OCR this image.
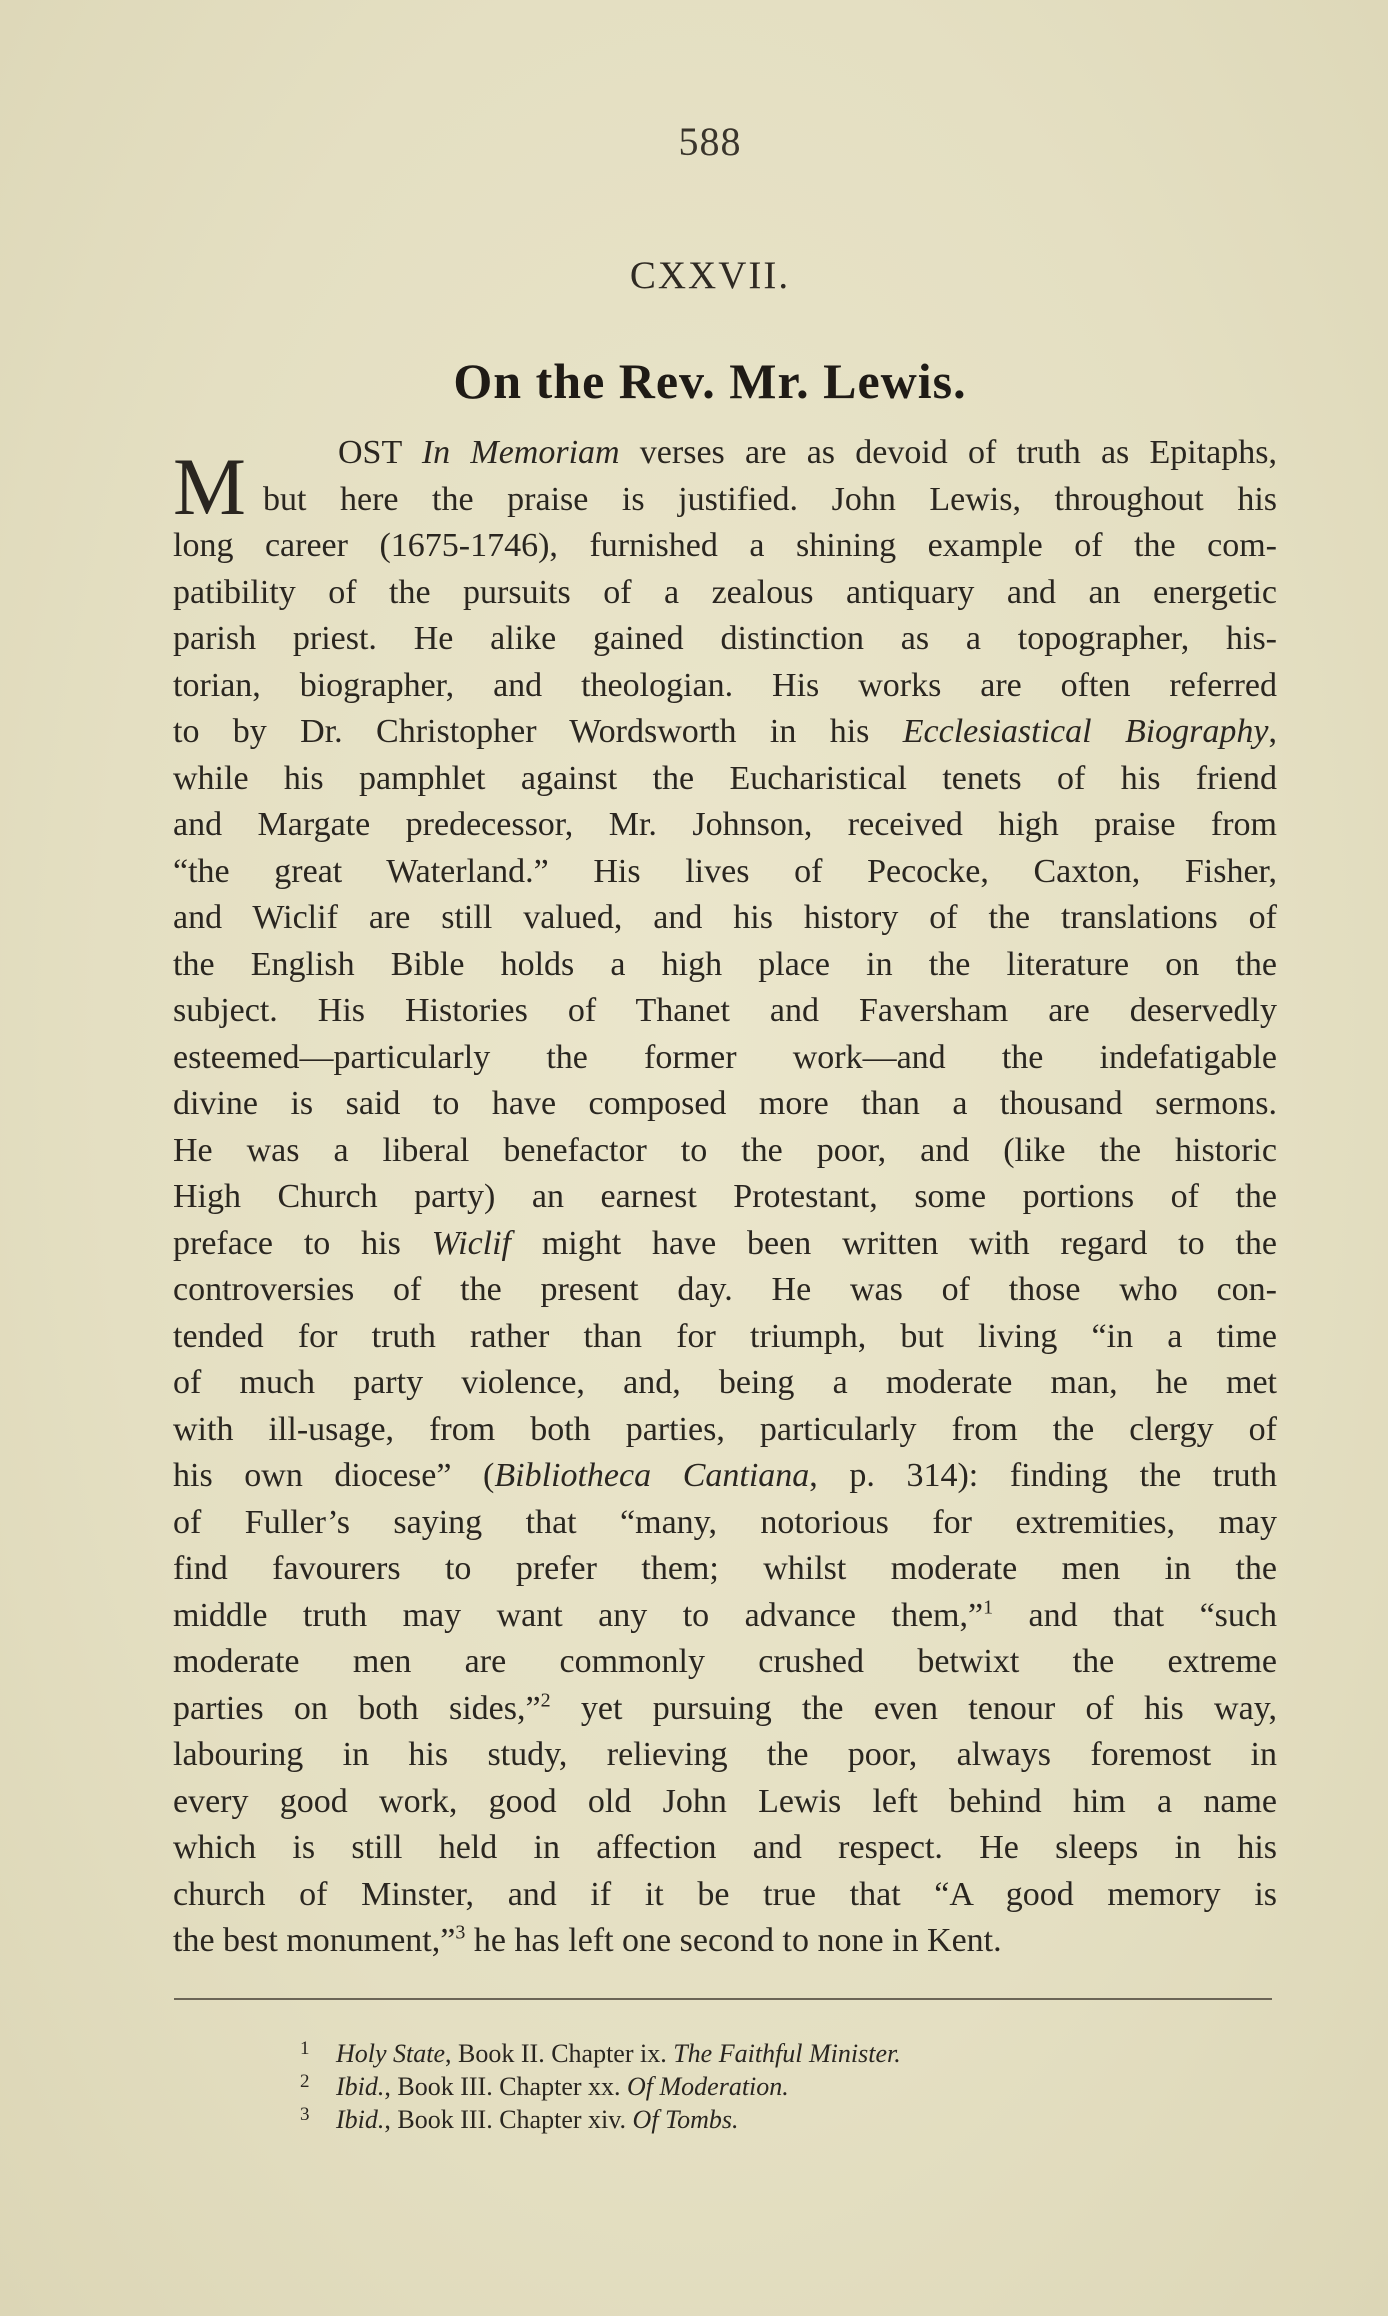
588
CXXVII.
On the Rev. Mr. Lewis.
M	OST In Memoriam verses are as devoid of truth as Epitaphs,
but here the praise is justified. John Lewis, throughout his
long career (1675-1746), furnished a shining example of the com-
patibility of the pursuits of a zealous antiquary and an energetic
parish priest. He alike gained distinction as a topographer, his-
torian, biographer, and theologian. His works are often referred
to by Dr. Christopher Wordsworth in his Ecclesiastical Biography,
while his pamphlet against the Eucharistical tenets of his friend
and Margate predecessor, Mr. Johnson, received high praise from
“the great Waterland.” His lives of Pecocke, Caxton, Fisher,
and Wiclif are still valued, and his history of the translations of
the English Bible holds a high place in the literature on the
subject. His Histories of Thanet and Faversham are deservedly
esteemed—particularly the former work—and the indefatigable
divine is said to have composed more than a thousand sermons.
He was a liberal benefactor to the poor, and (like the historic
High Church party) an earnest Protestant, some portions of the
preface to his Wiclif might have been written with regard to the
controversies of the present day. He was of those who con-
tended for truth rather than for triumph, but living “in a time
of much party violence, and, being a moderate man, he met
with ill-usage, from both parties, particularly from the clergy of
his own diocese” (Bibliotheca Cantiana, p. 314): finding the truth
of Fuller’s saying that “many, notorious for extremities, may
find favourers to prefer them; whilst moderate men in the
middle truth may want any to advance them,”$^1$ and that “such
moderate men are commonly crushed betwixt the extreme
parties on both sides,”$^2$ yet pursuing the even tenour of his way,
labouring in his study, relieving the poor, always foremost in
every good work, good old John Lewis left behind him a name
which is still held in affection and respect. He sleeps in his
church of Minster, and if it be true that “A good memory is
the best monument,”$^3$ he has left one second to none in Kent.
1 Holy State, Book II. Chapter ix. The Faithful Minister.
2 Ibid., Book III. Chapter xx. Of Moderation.
3 Ibid., Book III. Chapter xiv. Of Tombs.
